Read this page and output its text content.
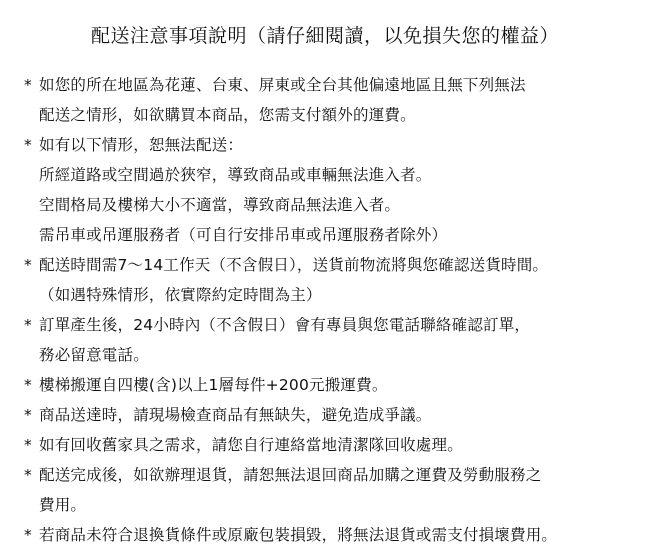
配送注意事項說明（請仔細閱讀，以免損失您的權益）
* 如您的所在地區為花蓮、台東、屏東或全台其他偏遠地區且無下列無法
配送之情形，如欲購買本商品，您需支付額外的運費。
* 如有以下情形，恕無法配送：
所經道路或空間過於狹窄，導致商品或車輛無法進入者。
空間格局及樓梯大小不適當，導致商品無法進入者。
需吊車或吊運服務者（可自行安排吊車或吊運服務者除外）
* 配送時間需7～14工作天（不含假日），送貨前物流將與您確認送貨時間。
（如遇特殊情形，依實際約定時間為主）
* 訂單產生後，24小時內（不含假日）會有專員與您電話聯絡確認訂單，
務必留意電話。
* 樓梯搬運自四樓(含)以上1層每件+200元搬運費。
* 商品送達時，請現場檢查商品有無缺失，避免造成爭議。
* 如有回收舊家具之需求，請您自行連絡當地清潔隊回收處理。
* 配送完成後，如欲辦理退貨，請恕無法退回商品加購之運費及勞動服務之
費用。
* 若商品未符合退換貨條件或原廠包裝損毀，將無法退貨或需支付損壞費用。
